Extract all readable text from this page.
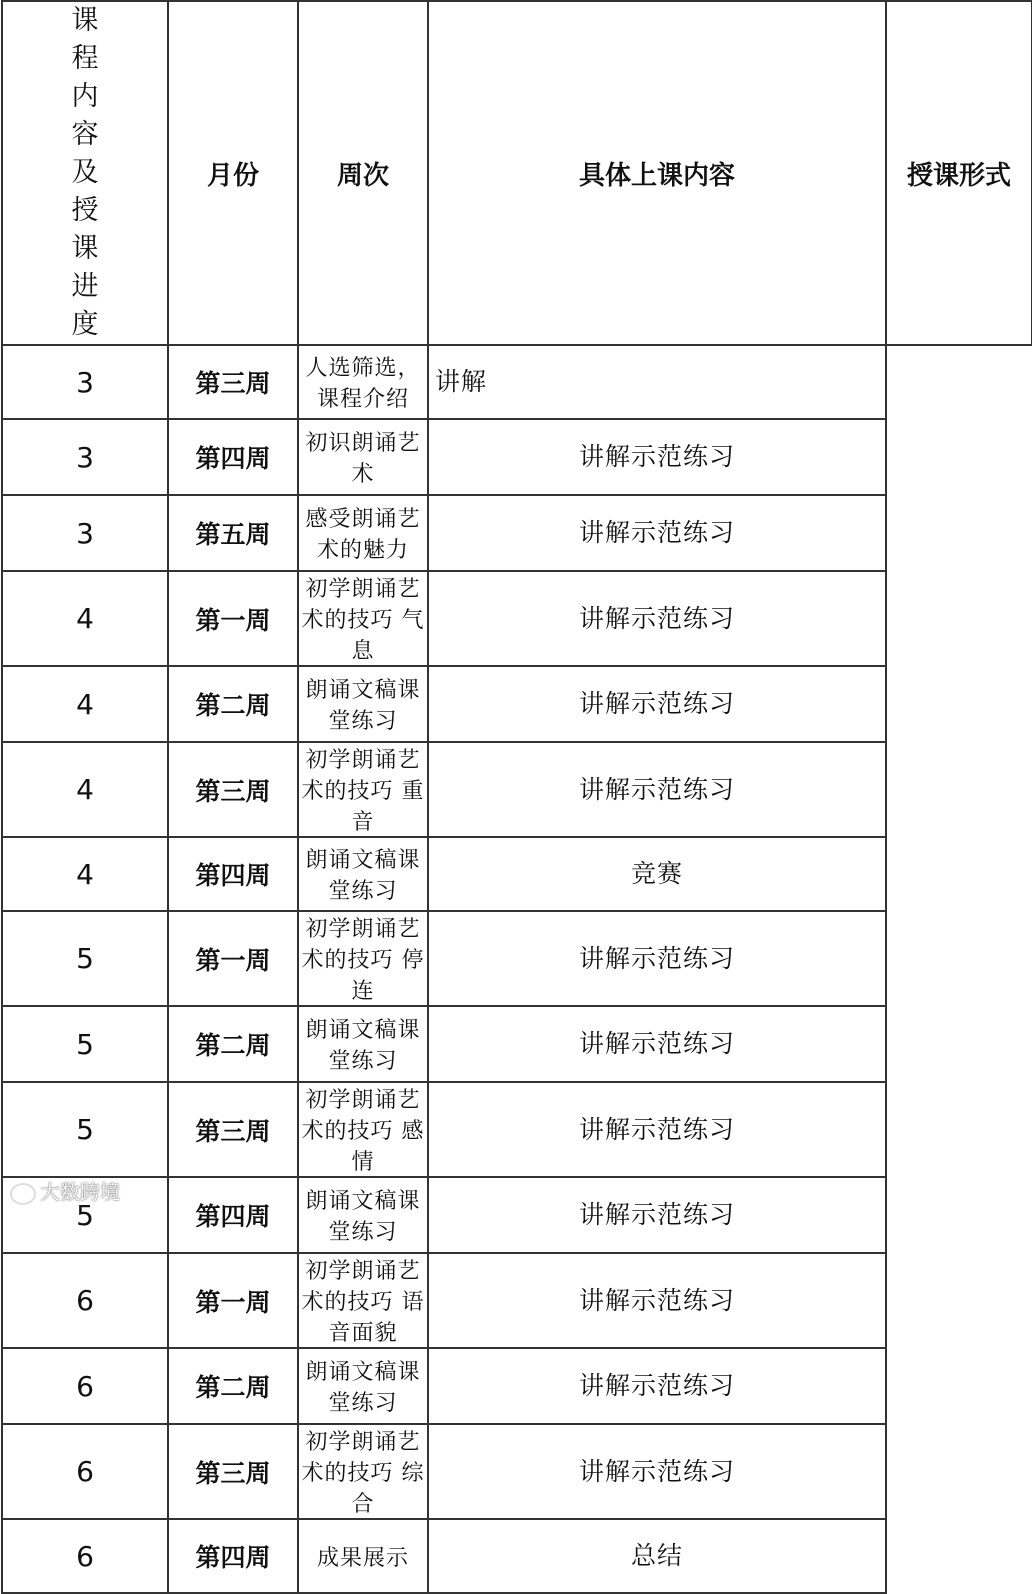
课程内容及授课进度	月份	周次	具体上课内容	授课形式
3	第三周	人选筛选， 课程介绍	讲解	
3	第四周	初识朗诵艺术	讲解示范练习	
3	第五周	感受朗诵艺术的魅力	讲解示范练习	
4	第一周	初学朗诵艺术的技巧 气息	讲解示范练习	
4	第二周	朗诵文稿课堂练习	讲解示范练习	
4	第三周	初学朗诵艺术的技巧 重音	讲解示范练习	
4	第四周	朗诵文稿课堂练习	竞赛	
5	第一周	初学朗诵艺术的技巧 停连	讲解示范练习	
5	第二周	朗诵文稿课堂练习	讲解示范练习	
5	第三周	初学朗诵艺术的技巧 感情	讲解示范练习	
5	第四周	朗诵文稿课堂练习	讲解示范练习	
6	第一周	初学朗诵艺术的技巧 语音面貌	讲解示范练习	
6	第二周	朗诵文稿课堂练习	讲解示范练习	
6	第三周	初学朗诵艺术的技巧 综合	讲解示范练习	
6	第四周	成果展示	总结	
大数跨境
